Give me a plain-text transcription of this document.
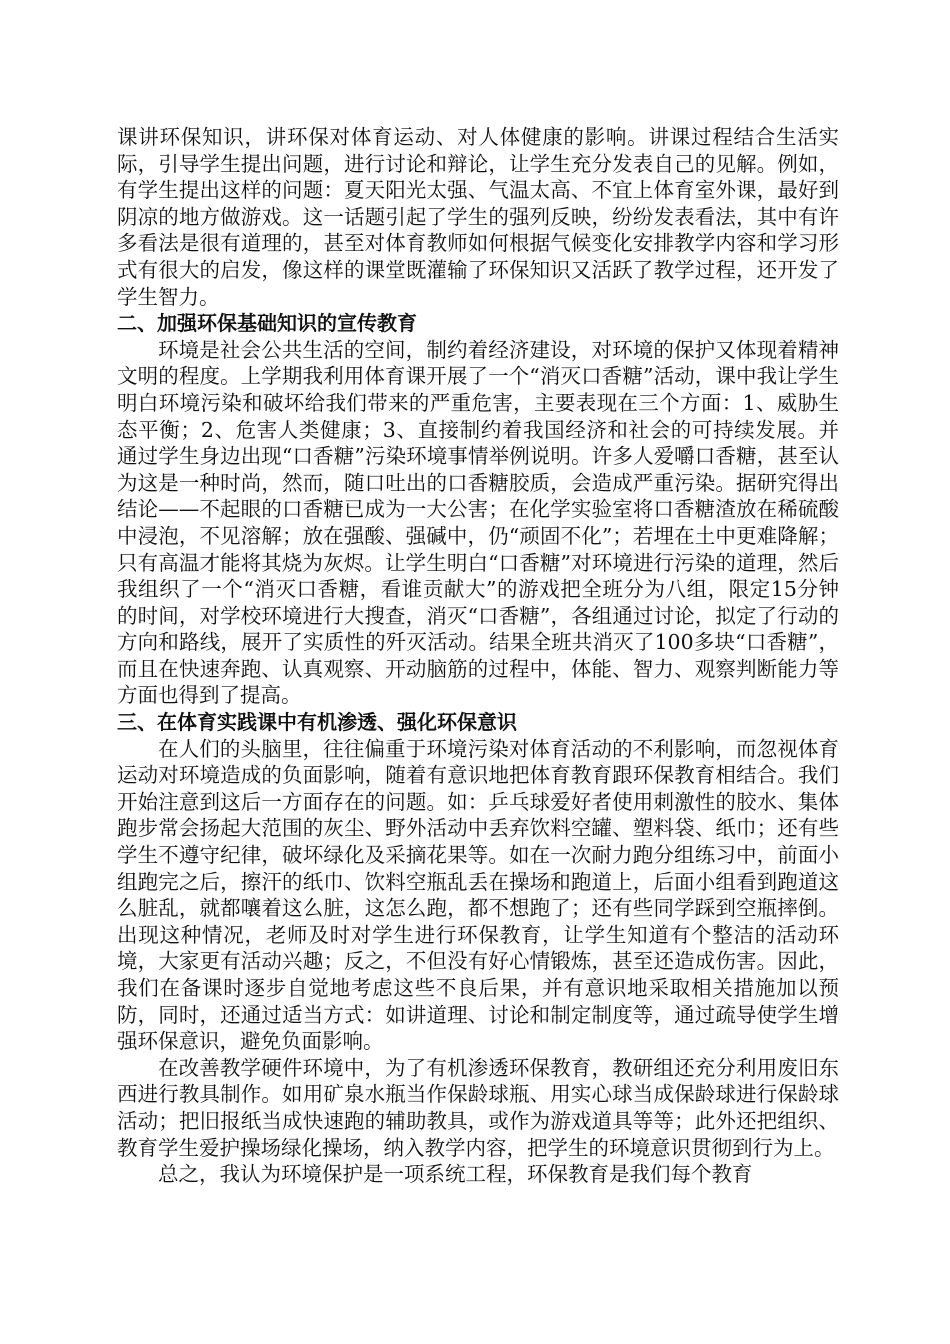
课讲环保知识，讲环保对体育运动、对人体健康的影响。讲课过程结合生活实际，引导学生提出问题，进行讨论和辩论，让学生充分发表自己的见解。例如，有学生提出这样的问题：夏天阳光太强、气温太高、不宜上体育室外课，最好到阴凉的地方做游戏。这一话题引起了学生的强列反映，纷纷发表看法，其中有许多看法是很有道理的，甚至对体育教师如何根据气候变化安排教学内容和学习形式有很大的启发，像这样的课堂既灌输了环保知识又活跃了教学过程，还开发了学生智力。

二、加强环保基础知识的宣传教育

环境是社会公共生活的空间，制约着经济建设，对环境的保护又体现着精神文明的程度。上学期我利用体育课开展了一个“消灭口香糖”活动，课中我让学生明白环境污染和破坏给我们带来的严重危害，主要表现在三个方面：1、威胁生态平衡；2、危害人类健康；3、直接制约着我国经济和社会的可持续发展。并通过学生身边出现“口香糖”污染环境事情举例说明。许多人爱嚼口香糖，甚至认为这是一种时尚，然而，随口吐出的口香糖胶质，会造成严重污染。据研究得出结论——不起眼的口香糖已成为一大公害；在化学实验室将口香糖渣放在稀硫酸中浸泡，不见溶解；放在强酸、强碱中，仍“顽固不化”；若埋在土中更难降解；只有高温才能将其烧为灰烬。让学生明白“口香糖”对环境进行污染的道理，然后我组织了一个“消灭口香糖，看谁贡献大”的游戏把全班分为八组，限定15分钟的时间，对学校环境进行大搜查，消灭“口香糖”，各组通过讨论，拟定了行动的方向和路线，展开了实质性的歼灭活动。结果全班共消灭了100多块“口香糖”，而且在快速奔跑、认真观察、开动脑筋的过程中，体能、智力、观察判断能力等方面也得到了提高。

三、在体育实践课中有机渗透、强化环保意识

在人们的头脑里，往往偏重于环境污染对体育活动的不利影响，而忽视体育运动对环境造成的负面影响，随着有意识地把体育教育跟环保教育相结合。我们开始注意到这后一方面存在的问题。如：乒乓球爱好者使用刺激性的胶水、集体跑步常会扬起大范围的灰尘、野外活动中丢弃饮料空罐、塑料袋、纸巾；还有些学生不遵守纪律，破坏绿化及采摘花果等。如在一次耐力跑分组练习中，前面小组跑完之后，擦汗的纸巾、饮料空瓶乱丢在操场和跑道上，后面小组看到跑道这么脏乱，就都嚷着这么脏，这怎么跑，都不想跑了；还有些同学踩到空瓶摔倒。出现这种情况，老师及时对学生进行环保教育，让学生知道有个整洁的活动环境，大家更有活动兴趣；反之，不但没有好心情锻炼，甚至还造成伤害。因此，我们在备课时逐步自觉地考虑这些不良后果，并有意识地采取相关措施加以预防，同时，还通过适当方式：如讲道理、讨论和制定制度等，通过疏导使学生增强环保意识，避免负面影响。

在改善教学硬件环境中，为了有机渗透环保教育，教研组还充分利用废旧东西进行教具制作。如用矿泉水瓶当作保龄球瓶、用实心球当成保龄球进行保龄球活动；把旧报纸当成快速跑的辅助教具，或作为游戏道具等等；此外还把组织、教育学生爱护操场绿化操场，纳入教学内容，把学生的环境意识贯彻到行为上。

总之，我认为环境保护是一项系统工程，环保教育是我们每个教育
